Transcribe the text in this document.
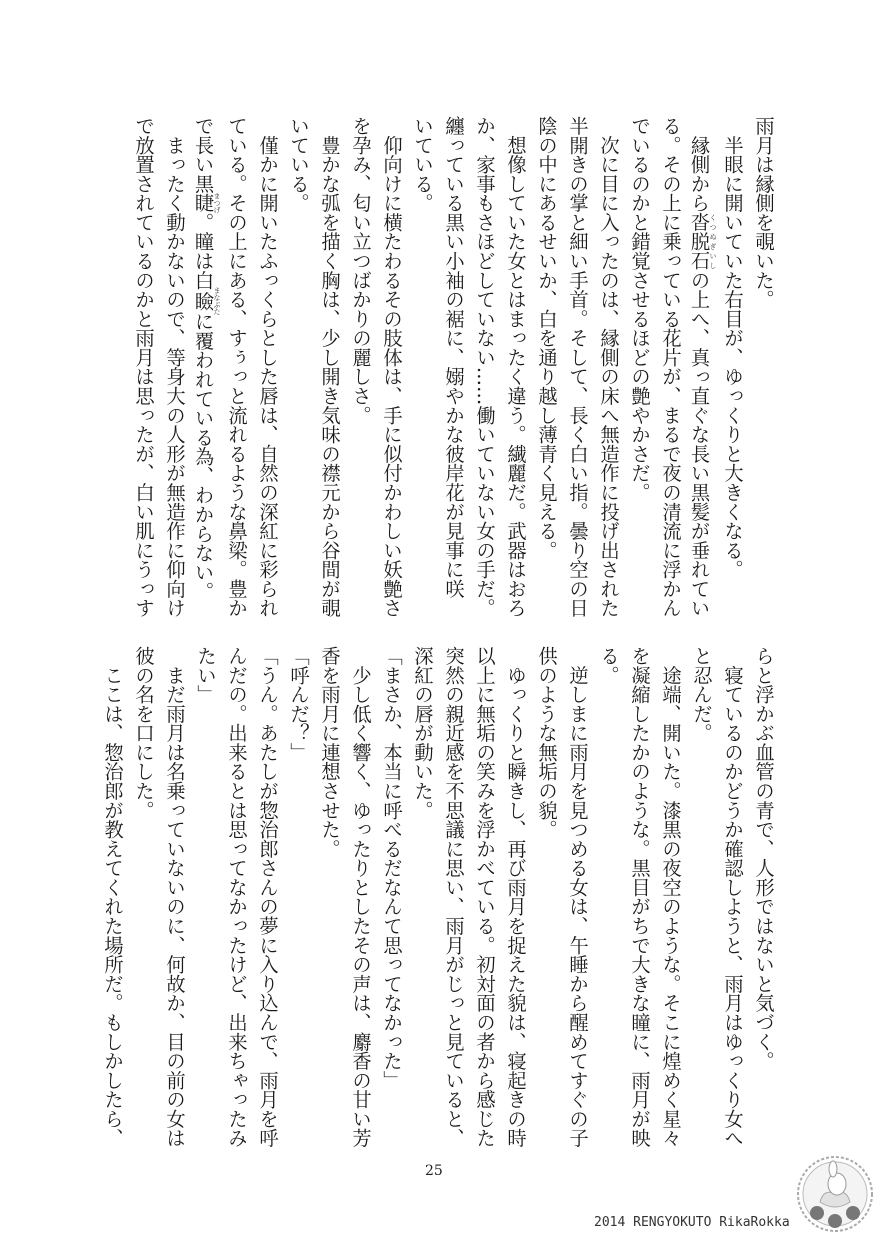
雨月は縁側を覗いた。
　半眼に開いていた右目が、ゆっくりと大きくなる。
　縁側から沓脱石くつぬぎいしの上へ、真っ直ぐな長い黒髪が垂れてい
る。その上に乗っている花片が、まるで夜の清流に浮かん
でいるのかと錯覚させるほどの艶やかさだ。
　次に目に入ったのは、縁側の床へ無造作に投げ出された
半開きの掌と細い手首。そして、長く白い指。曇り空の日
陰の中にあるせいか、白を通り越し薄青く見える。
　想像していた女とはまったく違う。繊麗だ。武器はおろ
か、家事もさほどしていない……働いていない女の手だ。
纏っている黒い小袖の裾に、嫋やかな彼岸花が見事に咲
いている。
　仰向けに横たわるその肢体は、手に似付かわしい妖艶さ
を孕み、匂い立つばかりの麗しさ。
　豊かな弧を描く胸は、少し開き気味の襟元から谷間が覗
いている。
　僅かに開いたふっくらとした唇は、自然の深紅に彩られ
ている。その上にある、すぅっと流れるような鼻梁。豊か
で長い黒睫まつげ。瞳は白瞼まなぶたに覆われている為、わからない。
　まったく動かないので、等身大の人形が無造作に仰向け
で放置されているのかと雨月は思ったが、白い肌にうっす
らと浮かぶ血管の青で、人形ではないと気づく。
　寝ているのかどうか確認しようと、雨月はゆっくり女へ
と忍んだ。
　途端、開いた。漆黒の夜空のような。そこに煌めく星々
を凝縮したかのような。黒目がちで大きな瞳に、雨月が映
る。
　逆しまに雨月を見つめる女は、午睡から醒めてすぐの子
供のような無垢の貌。
　ゆっくりと瞬きし、再び雨月を捉えた貌は、寝起きの時
以上に無垢の笑みを浮かべている。初対面の者から感じた
突然の親近感を不思議に思い、雨月がじっと見ていると、
深紅の唇が動いた。
「まさか、本当に呼べるだなんて思ってなかった」
　少し低く響く、ゆったりとしたその声は、麝香の甘い芳
香を雨月に連想させた。
「呼んだ？」
「うん。あたしが惣治郎さんの夢に入り込んで、雨月を呼
んだの。出来るとは思ってなかったけど、出来ちゃったみ
たい」
　まだ雨月は名乗っていないのに、何故か、目の前の女は
彼の名を口にした。
　ここは、惣治郎が教えてくれた場所だ。もしかしたら、
25
2014 RENGYOKUTO RikaRokka
